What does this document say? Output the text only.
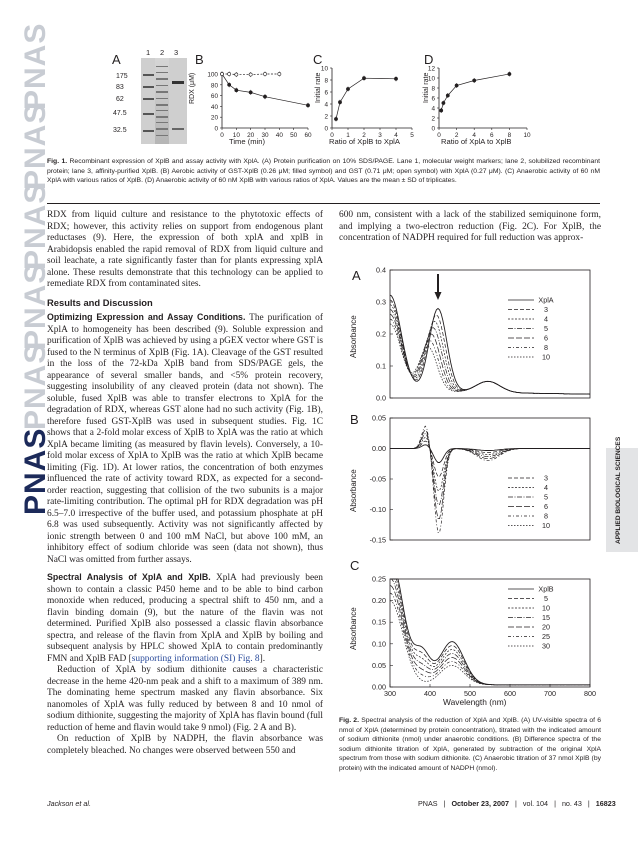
PNAS
PNAS
PNAS
PNAS
PNAS
PNAS
A	1 2 3
175
83
62
47.5
32.5
B
RDX (μM)
0
20
40
60
80
100
0 10 20 30 40 50 60
Time (min)
C
Initial rate
0
2
4
6
8
10
0 1 2 3 4 5
Ratio of XplB to XplA
D
Initial rate
0
2
4
6
8
10
12
0 2 4 6 8 10
Ratio of XplA to XplB
Fig. 1. Recombinant expression of XplB and assay activity with XplA. (A) Protein purification on 10% SDS/PAGE. Lane 1, molecular weight markers; lane 2, solubilized recombinant protein; lane 3, affinity-purified XplB. (B) Aerobic activity of GST-XplB (0.26 μM; filled symbol) and GST (0.71 μM; open symbol) with XplA (0.27 μM). (C) Anaerobic activity of 60 nM XplA with various ratios of XplB. (D) Anaerobic activity of 60 nM XplB with various ratios of XplA. Values are the mean ± SD of triplicates.

RDX from liquid culture and resistance to the phytotoxic effects of RDX; however, this activity relies on support from endogenous plant reductases (9). Here, the expression of both xplA and xplB in Arabidopsis enabled the rapid removal of RDX from liquid culture and soil leachate, a rate significantly faster than for plants expressing xplA alone. These results demonstrate that this technology can be applied to remediate RDX from contaminated sites.

Results and Discussion

Optimizing Expression and Assay Conditions. The purification of XplA to homogeneity has been described (9). Soluble expression and purification of XplB was achieved by using a pGEX vector where GST is fused to the N terminus of XplB (Fig. 1A). Cleavage of the GST resulted in the loss of the 72-kDa XplB band from SDS/PAGE gels, the appearance of several smaller bands, and <5% protein recovery, suggesting insolubility of any cleaved protein (data not shown). The soluble, fused XplB was able to transfer electrons to XplA for the degradation of RDX, whereas GST alone had no such activity (Fig. 1B), therefore fused GST-XplB was used in subsequent studies. Fig. 1C shows that a 2-fold molar excess of XplB to XplA was the ratio at which XplA became limiting (as measured by flavin levels). Conversely, a 10-fold molar excess of XplA to XplB was the ratio at which XplB became limiting (Fig. 1D). At lower ratios, the concentration of both enzymes influenced the rate of activity toward RDX, as expected for a second-order reaction, suggesting that collision of the two subunits is a major rate-limiting contribution. The optimal pH for RDX degradation was pH 6.5–7.0 irrespective of the buffer used, and potassium phosphate at pH 6.8 was used subsequently. Activity was not significantly affected by ionic strength between 0 and 100 mM NaCl, but above 100 mM, an inhibitory effect of sodium chloride was seen (data not shown), thus NaCl was omitted from further assays.

Spectral Analysis of XplA and XplB. XplA had previously been shown to contain a classic P450 heme and to be able to bind carbon monoxide when reduced, producing a spectral shift to 450 nm, and a flavin binding domain (9), but the nature of the flavin was not determined. Purified XplB also possessed a classic flavin absorbance spectra, and release of the flavin from XplA and XplB by boiling and subsequent analysis by HPLC showed XplA to contain predominantly FMN and XplB FAD [supporting information (SI) Fig. 8].

Reduction of XplA by sodium dithionite causes a characteristic decrease in the heme 420-nm peak and a shift to a maximum of 389 nm. The dominating heme spectrum masked any flavin absorbance. Six nanomoles of XplA was fully reduced by between 8 and 10 nmol of sodium dithionite, suggesting the majority of XplA has flavin bound (full reduction of heme and flavin would take 9 nmol) (Fig. 2 A and B).

On reduction of XplB by NADPH, the flavin absorbance was completely bleached. No changes were observed between 550 and

600 nm, consistent with a lack of the stabilized semiquinone form, and implying a two-electron reduction (Fig. 2C). For XplB, the concentration of NADPH required for full reduction was approx-

A
B
C
Absorbance
Absorbance
Absorbance
0.4
0.3
0.2
0.1
0.0
XplA
3
4
5
6
8
10
0.05
0.00
-0.05
-0.10
-0.15
3
4
5
6
8
10
0.25
0.20
0.15
0.10
0.05
0.00
300	400	500	600	700	800
XplB
5
10
15
20
25
30
Wavelength (nm)
Fig. 2. Spectral analysis of the reduction of XplA and XplB. (A) UV-visible spectra of 6 nmol of XplA (determined by protein concentration), titrated with the indicated amount of sodium dithionite (nmol) under anaerobic conditions. (B) Difference spectra of the sodium dithionite titration of XplA, generated by subtraction of the original XplA spectrum from those with sodium dithionite. (C) Anaerobic titration of 37 nmol XplB (by protein) with the indicated amount of NADPH (nmol).
APPLIED BIOLOGICAL SCIENCES
Jackson et al.	PNAS | October 23, 2007 | vol. 104 | no. 43 | 16823
